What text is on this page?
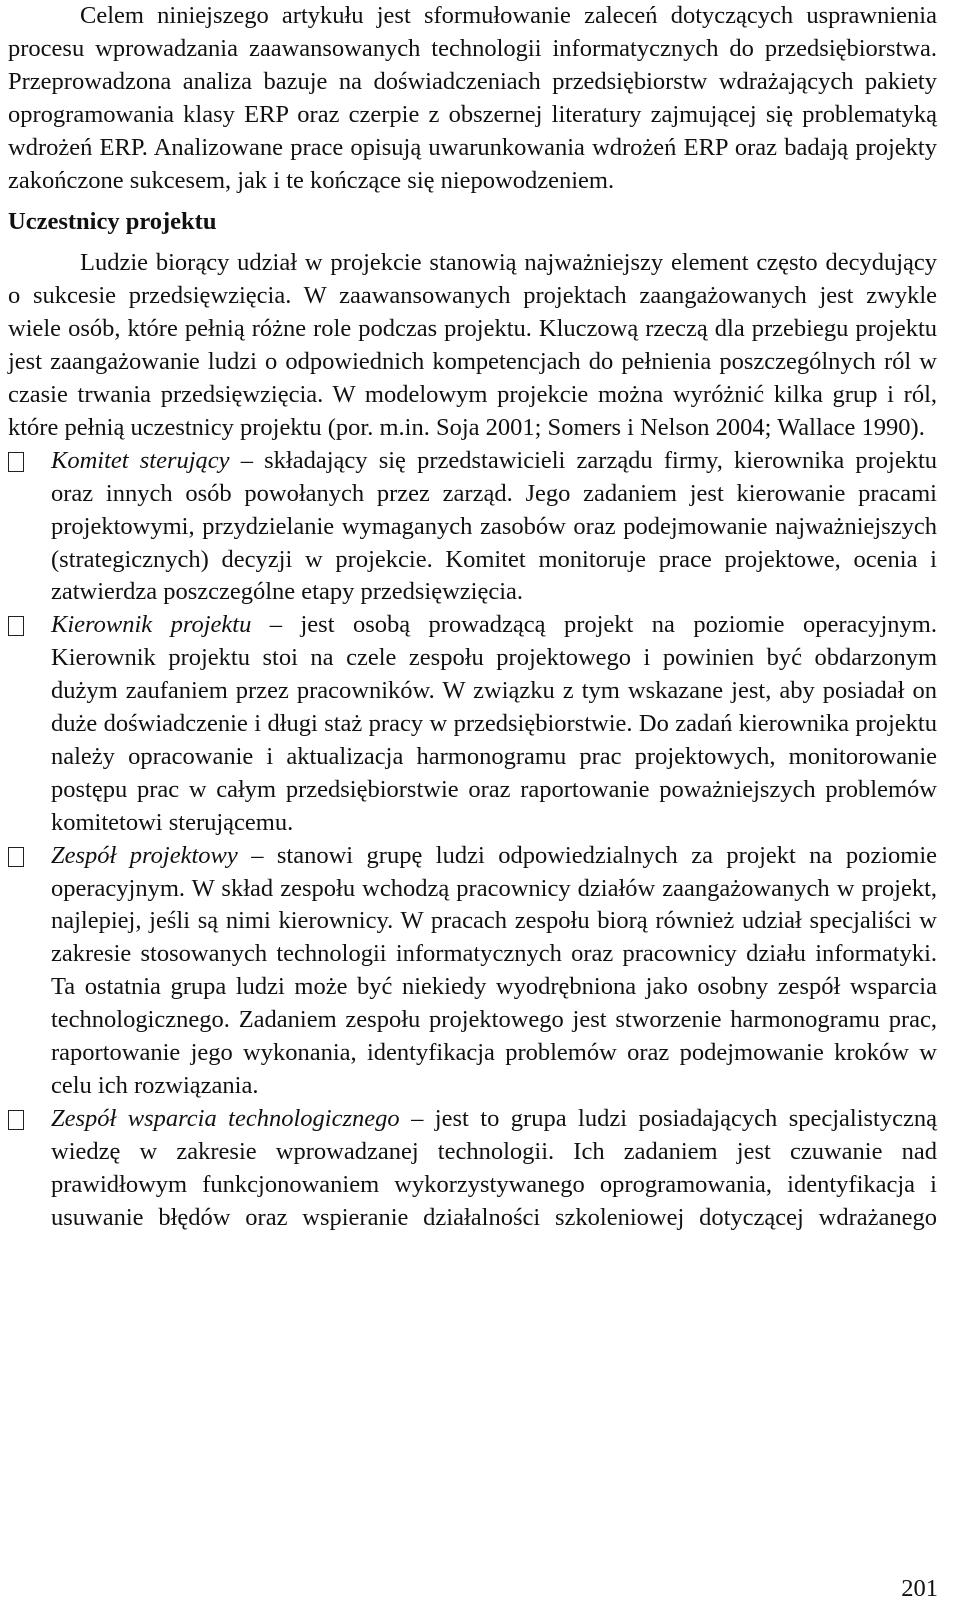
Celem niniejszego artykułu jest sformułowanie zaleceń dotyczących usprawnienia procesu wprowadzania zaawansowanych technologii informatycznych do przedsiębiorstwa. Przeprowadzona analiza bazuje na doświadczeniach przedsiębiorstw wdrażających pakiety oprogramowania klasy ERP oraz czerpie z obszernej literatury zajmującej się problematyką wdrożeń ERP. Analizowane prace opisują uwarunkowania wdrożeń ERP oraz badają projekty zakończone sukcesem, jak i te kończące się niepowodzeniem.

Uczestnicy projektu

Ludzie biorący udział w projekcie stanowią najważniejszy element często decydujący o sukcesie przedsięwzięcia. W zaawansowanych projektach zaangażowanych jest zwykle wiele osób, które pełnią różne role podczas projektu. Kluczową rzeczą dla przebiegu projektu jest zaangażowanie ludzi o odpowiednich kompetencjach do pełnienia poszczególnych ról w czasie trwania przedsięwzięcia. W modelowym projekcie można wyróżnić kilka grup i ról, które pełnią uczestnicy projektu (por. m.in. Soja 2001; Somers i Nelson 2004; Wallace 1990).

Komitet sterujący – składający się przedstawicieli zarządu firmy, kierownika projektu oraz innych osób powołanych przez zarząd. Jego zadaniem jest kierowanie pracami projektowymi, przydzielanie wymaganych zasobów oraz podejmowanie najważniejszych (strategicznych) decyzji w projekcie. Komitet monitoruje prace projektowe, ocenia i zatwierdza poszczególne etapy przedsięwzięcia.

Kierownik projektu – jest osobą prowadzącą projekt na poziomie operacyjnym. Kierownik projektu stoi na czele zespołu projektowego i powinien być obdarzonym dużym zaufaniem przez pracowników. W związku z tym wskazane jest, aby posiadał on duże doświadczenie i długi staż pracy w przedsiębiorstwie. Do zadań kierownika projektu należy opracowanie i aktualizacja harmonogramu prac projektowych, monitorowanie postępu prac w całym przedsiębiorstwie oraz raportowanie poważniejszych problemów komitetowi sterującemu.

Zespół projektowy – stanowi grupę ludzi odpowiedzialnych za projekt na poziomie operacyjnym. W skład zespołu wchodzą pracownicy działów zaangażowanych w projekt, najlepiej, jeśli są nimi kierownicy. W pracach zespołu biorą również udział specjaliści w zakresie stosowanych technologii informatycznych oraz pracownicy działu informatyki. Ta ostatnia grupa ludzi może być niekiedy wyodrębniona jako osobny zespół wsparcia technologicznego. Zadaniem zespołu projektowego jest stworzenie harmonogramu prac, raportowanie jego wykonania, identyfikacja problemów oraz podejmowanie kroków w celu ich rozwiązania.

Zespół wsparcia technologicznego – jest to grupa ludzi posiadających specjalistyczną wiedzę w zakresie wprowadzanej technologii. Ich zadaniem jest czuwanie nad prawidłowym funkcjonowaniem wykorzystywanego oprogramowania, identyfikacja i usuwanie błędów oraz wspieranie działalności szkoleniowej dotyczącej wdrażanego

201
